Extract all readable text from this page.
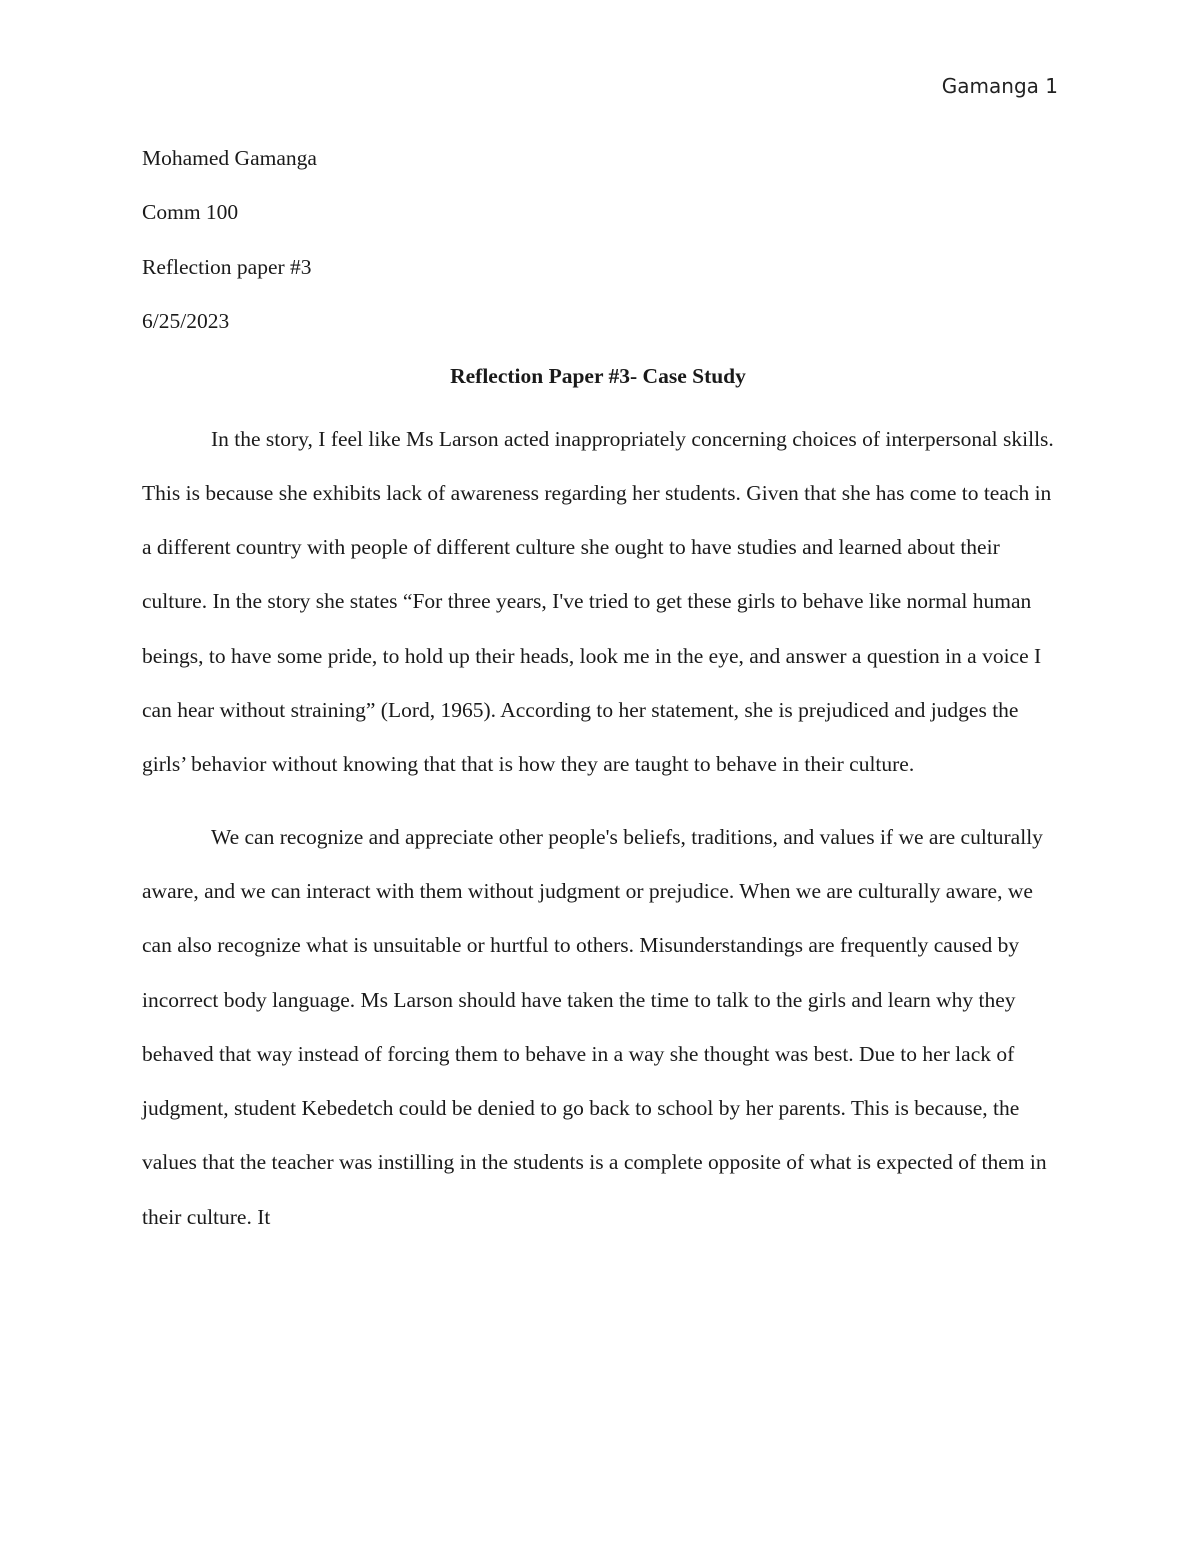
Gamanga 1
Mohamed Gamanga
Comm 100
Reflection paper #3
6/25/2023
Reflection Paper #3- Case Study

In the story, I feel like Ms Larson acted inappropriately concerning choices of interpersonal skills. This is because she exhibits lack of awareness regarding her students. Given that she has come to teach in a different country with people of different culture she ought to have studies and learned about their culture. In the story she states “For three years, I've tried to get these girls to behave like normal human beings, to have some pride, to hold up their heads, look me in the eye, and answer a question in a voice I can hear without straining” (Lord, 1965). According to her statement, she is prejudiced and judges the girls’ behavior without knowing that that is how they are taught to behave in their culture.

We can recognize and appreciate other people's beliefs, traditions, and values if we are culturally aware, and we can interact with them without judgment or prejudice. When we are culturally aware, we can also recognize what is unsuitable or hurtful to others. Misunderstandings are frequently caused by incorrect body language. Ms Larson should have taken the time to talk to the girls and learn why they behaved that way instead of forcing them to behave in a way she thought was best. Due to her lack of judgment, student Kebedetch could be denied to go back to school by her parents. This is because, the values that the teacher was instilling in the students is a complete opposite of what is expected of them in their culture. It
